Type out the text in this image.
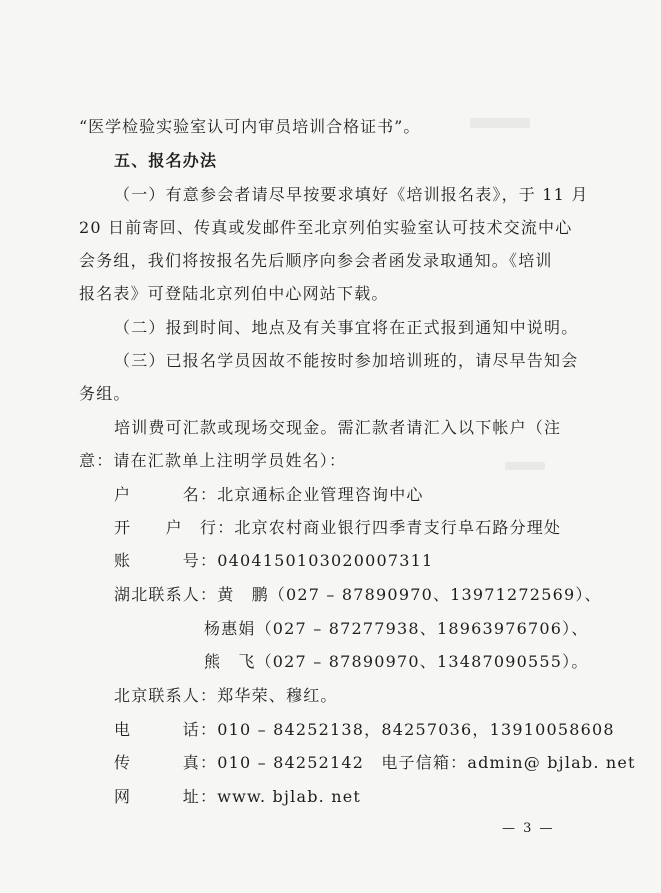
“医学检验实验室认可内审员培训合格证书”。
五、报名办法
（一）有意参会者请尽早按要求填好《培训报名表》，于 11 月
20 日前寄回、传真或发邮件至北京列伯实验室认可技术交流中心
会务组，我们将按报名先后顺序向参会者函发录取通知。《培训
报名表》可登陆北京列伯中心网站下载。
（二）报到时间、地点及有关事宜将在正式报到通知中说明。
（三）已报名学员因故不能按时参加培训班的，请尽早告知会
务组。
培训费可汇款或现场交现金。需汇款者请汇入以下帐户（注
意：请在汇款单上注明学员姓名）：
户　　　名：北京通标企业管理咨询中心
开　　户　行：北京农村商业银行四季青支行阜石路分理处
账　　　号：0404150103020007311
湖北联系人：黄　鹏（027 – 87890970、13971272569）、
杨惠娟（027 – 87277938、18963976706）、
熊　飞（027 – 87890970、13487090555）。
北京联系人：郑华荣、穆红。
电　　　话：010 – 84252138，84257036，13910058608
传　　　真：010 – 84252142　电子信箱：admin@ bjlab. net
网　　　址：www. bjlab. net
— 3 —
